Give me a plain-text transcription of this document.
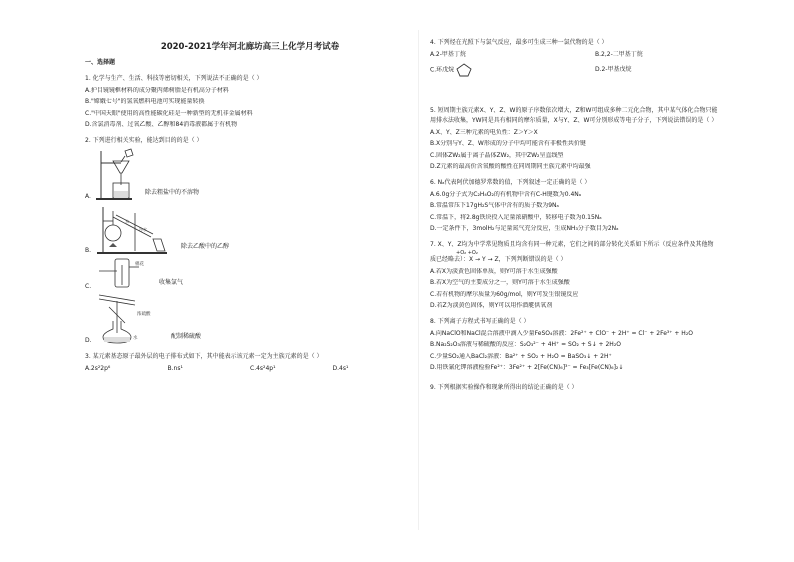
2020-2021学年河北廊坊高三上化学月考试卷
一、选择题
1. 化学与生产、生活、科技等密切相关，下列说法不正确的是（ ）
A.护目镜镜框材料的成分聚丙烯树脂是有机高分子材料
B."嫦娥七号"的氢氧燃料电池可实现能量转换
C."中国天眼"使用的高性能碳化硅是一种新型的无机非金属材料
D.含氯消毒剂、过氧乙酸、乙醇和84消毒液都属于有机物
2. 下列进行相关实验，能达到目的的是（ ）
A.
除去粗盐中的不溶物
B.
水
冷水
除去乙酸中的乙醇
C.
棉花
收集氯气
D.
浓硫酸
水	配制稀硫酸
3. 某元素基态原子最外层的电子排布式如下，其中能表示该元素一定为主族元素的是（ ）
A.2s²2p⁶	B.ns¹	C.4s²4p¹	D.4s¹
4. 下列烃在光照下与氯气反应，最多可生成三种一氯代物的是（ ）
A.2-甲基丁烷	B.2,2-二甲基丁烷
C.环戊烷	D.2-甲基戊烷
5. 短周期主族元素X、Y、Z、W的原子序数依次增大，Z和W可组成多种二元化合物，其中某气体化合物只能
用排水法收集，YW同是具有相同的摩尔质量，X与Y、Z、W可分别形成等电子分子，下列说法错误的是（ ）
A.X、Y、Z三种元素的电负性：Z＞Y＞X
B.X分别与Y、Z、W形成的分子中均可能含有非极性共价键
C.固体ZW₂属于离子晶体ZW₂，其中ZW₂呈直线型
D.Z元素的最高价含氧酸的酸性在同周期同主族元素中均最强
6. Nₐ代表阿伏加德罗常数的值，下列叙述一定正确的是（ ）
A.6.0g分子式为C₂H₄O₂的有机物中含有C-H键数为0.4Nₐ
B.常温常压下17gH₂S气体中含有的质子数为9Nₐ
C.常温下，将2.8g铁块投入足量浓硝酸中，转移电子数为0.15Nₐ
D.一定条件下，3molH₂与足量氮气充分反应，生成NH₃分子数目为2Nₐ
7. X、Y、Z均为中学常见物质且均含有同一种元素，它们之间的部分转化关系如下所示（反应条件及其他物
+O₂ +O₂
质已经略去）：X → Y → Z，下列判断错误的是（ ）
A.若X为淡黄色固体单质，则Y可溶于水生成强酸
B.若X为空气的主要成分之一，则Y可溶于水生成强酸
C.若有机物的摩尔质量为60g/mol，则Y可发生银镜反应
D.若Z为淡黄色固体，则Y可以用作潜艇供氧剂
8. 下列离子方程式书写正确的是（ ）
A.向NaClO和NaCl混合溶液中滴入少量FeSO₄溶液：2Fe²⁺ + ClO⁻ + 2H⁺ = Cl⁻ + 2Fe³⁺ + H₂O
B.Na₂S₂O₃溶液与稀硫酸的反应：S₂O₃²⁻ + 4H⁺ = SO₂ + S↓ + 2H₂O
C.少量SO₂通入BaCl₂溶液：Ba²⁺ + SO₂ + H₂O = BaSO₃↓ + 2H⁺
D.用铁氰化钾溶液检验Fe²⁺：3Fe²⁺ + 2[Fe(CN)₆]³⁻ = Fe₃[Fe(CN)₆]₂↓
9. 下列根据实验操作和现象所得出的结论正确的是（ ）
